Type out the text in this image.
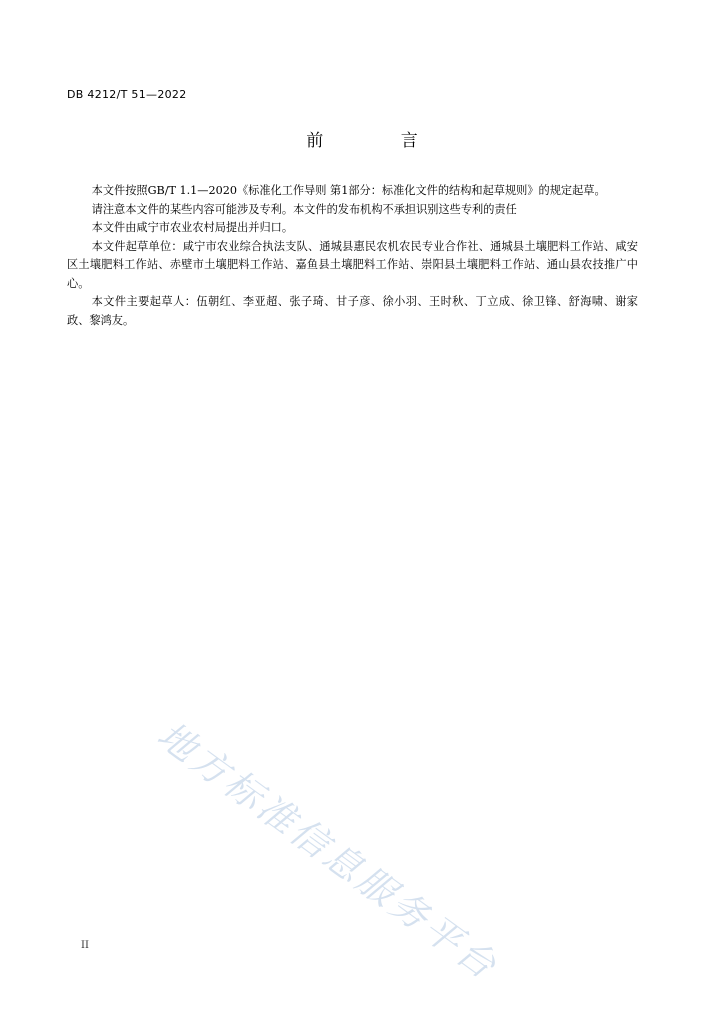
DB 4212/T 51—2022
前 言

本文件按照GB/T 1.1—2020《标准化工作导则 第1部分：标准化文件的结构和起草规则》的规定起草。

请注意本文件的某些内容可能涉及专利。本文件的发布机构不承担识别这些专利的责任

本文件由咸宁市农业农村局提出并归口。

本文件起草单位：咸宁市农业综合执法支队、通城县惠民农机农民专业合作社、通城县土壤肥料工作站、咸安区土壤肥料工作站、赤壁市土壤肥料工作站、嘉鱼县土壤肥料工作站、崇阳县土壤肥料工作站、通山县农技推广中心。

本文件主要起草人：伍朝红、李亚超、张子琦、甘子彦、徐小羽、王时秋、丁立成、徐卫锋、舒海啸、谢家政、黎鸿友。

地方标准信息服务平台
II
